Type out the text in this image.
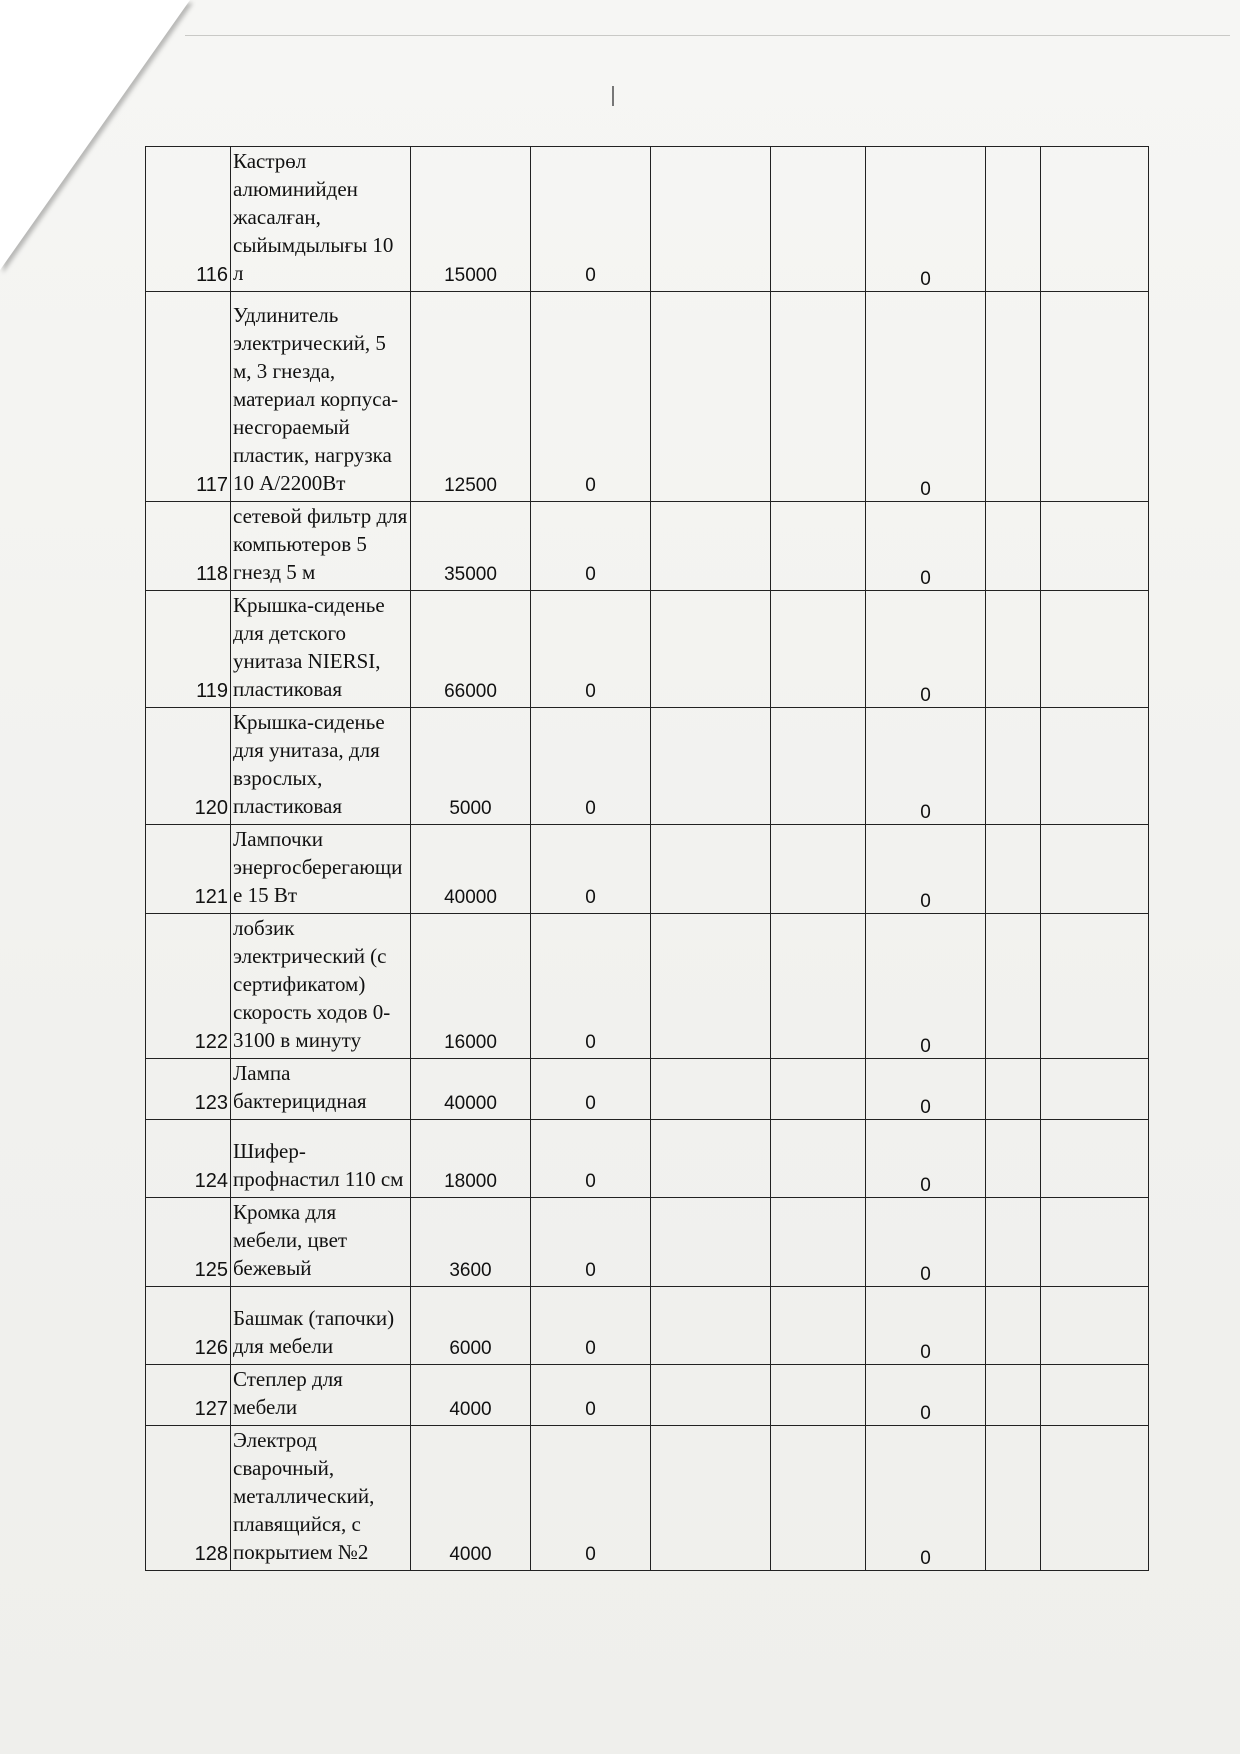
116	Кастрөл алюминийден жасалған, сыйымдылығы 10 л	15000	0			0		
117	Удлинитель электрический, 5 м, 3 гнезда, материал корпуса- несгораемый пластик, нагрузка 10 А/2200Вт	12500	0			0		
118	сетевой фильтр для компьютеров 5 гнезд 5 м	35000	0			0		
119	Крышка-сиденье для детского унитаза NIERSI, пластиковая	66000	0			0		
120	Крышка-сиденье для унитаза, для взрослых, пластиковая	5000	0			0		
121	Лампочки энергосберегающи е 15 Вт	40000	0			0		
122	лобзик электрический (с сертификатом) скорость ходов 0-3100 в минуту	16000	0			0		
123	Лампа бактерицидная	40000	0			0		
124	Шифер-профнастил 110 см	18000	0			0		
125	Кромка для мебели, цвет бежевый	3600	0			0		
126	Башмак (тапочки) для мебели	6000	0			0		
127	Степлер для мебели	4000	0			0		
128	Электрод сварочный, металлический, плавящийся, с покрытием №2	4000	0			0		
